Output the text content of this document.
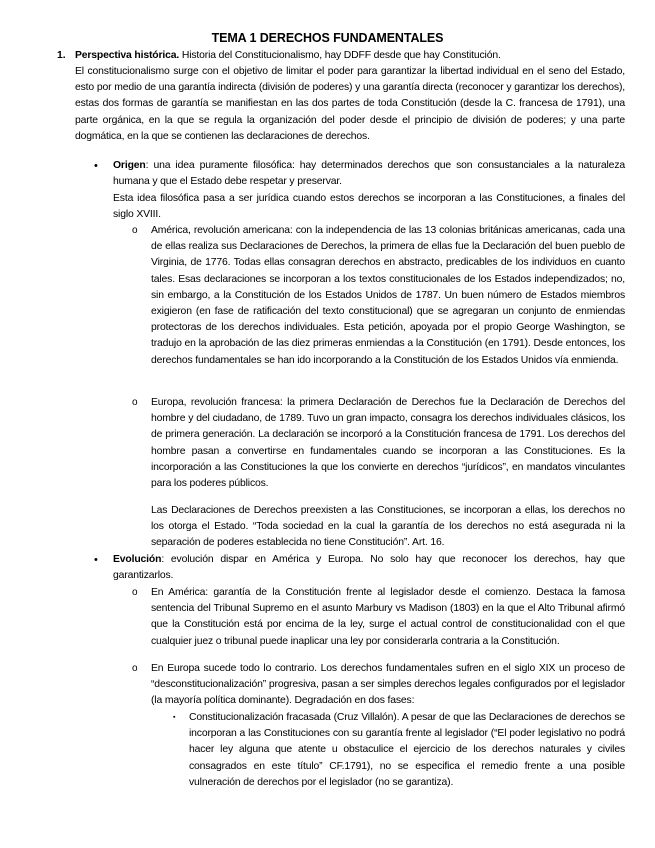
TEMA 1 DERECHOS FUNDAMENTALES
1. Perspectiva histórica. Historia del Constitucionalismo, hay DDFF desde que hay Constitución.
El constitucionalismo surge con el objetivo de limitar el poder para garantizar la libertad individual en el seno del Estado, esto por medio de una garantía indirecta (división de poderes) y una garantía directa (reconocer y garantizar los derechos), estas dos formas de garantía se manifiestan en las dos partes de toda Constitución (desde la C. francesa de 1791), una parte orgánica, en la que se regula la organización del poder desde el principio de división de poderes; y una parte dogmática, en la que se contienen las declaraciones de derechos.
• Origen: una idea puramente filosófica: hay determinados derechos que son consustanciales a la naturaleza humana y que el Estado debe respetar y preservar.
Esta idea filosófica pasa a ser jurídica cuando estos derechos se incorporan a las Constituciones, a finales del siglo XVIII.
o América, revolución americana: con la independencia de las 13 colonias británicas americanas, cada una de ellas realiza sus Declaraciones de Derechos, la primera de ellas fue la Declaración del buen pueblo de Virginia, de 1776. Todas ellas consagran derechos en abstracto, predicables de los individuos en cuanto tales. Esas declaraciones se incorporan a los textos constitucionales de los Estados independizados; no, sin embargo, a la Constitución de los Estados Unidos de 1787. Un buen número de Estados miembros exigieron (en fase de ratificación del texto constitucional) que se agregaran un conjunto de enmiendas protectoras de los derechos individuales. Esta petición, apoyada por el propio George Washington, se tradujo en la aprobación de las diez primeras enmiendas a la Constitución (en 1791). Desde entonces, los derechos fundamentales se han ido incorporando a la Constitución de los Estados Unidos vía enmienda.
o Europa, revolución francesa: la primera Declaración de Derechos fue la Declaración de Derechos del hombre y del ciudadano, de 1789. Tuvo un gran impacto, consagra los derechos individuales clásicos, los de primera generación. La declaración se incorporó a la Constitución francesa de 1791. Los derechos del hombre pasan a convertirse en fundamentales cuando se incorporan a las Constituciones. Es la incorporación a las Constituciones la que los convierte en derechos “jurídicos”, en mandatos vinculantes para los poderes públicos.
Las Declaraciones de Derechos preexisten a las Constituciones, se incorporan a ellas, los derechos no los otorga el Estado. “Toda sociedad en la cual la garantía de los derechos no está asegurada ni la separación de poderes establecida no tiene Constitución”. Art. 16.
• Evolución: evolución dispar en América y Europa. No solo hay que reconocer los derechos, hay que garantizarlos.
o En América: garantía de la Constitución frente al legislador desde el comienzo. Destaca la famosa sentencia del Tribunal Supremo en el asunto Marbury vs Madison (1803) en la que el Alto Tribunal afirmó que la Constitución está por encima de la ley, surge el actual control de constitucionalidad con el que cualquier juez o tribunal puede inaplicar una ley por considerarla contraria a la Constitución.
o En Europa sucede todo lo contrario. Los derechos fundamentales sufren en el siglo XIX un proceso de “desconstitucionalización” progresiva, pasan a ser simples derechos legales configurados por el legislador (la mayoría política dominante). Degradación en dos fases:
▪ Constitucionalización fracasada (Cruz Villalón). A pesar de que las Declaraciones de derechos se incorporan a las Constituciones con su garantía frente al legislador (“El poder legislativo no podrá hacer ley alguna que atente u obstaculice el ejercicio de los derechos naturales y civiles consagrados en este título” CF.1791), no se especifica el remedio frente a una posible vulneración de derechos por el legislador (no se garantiza).
